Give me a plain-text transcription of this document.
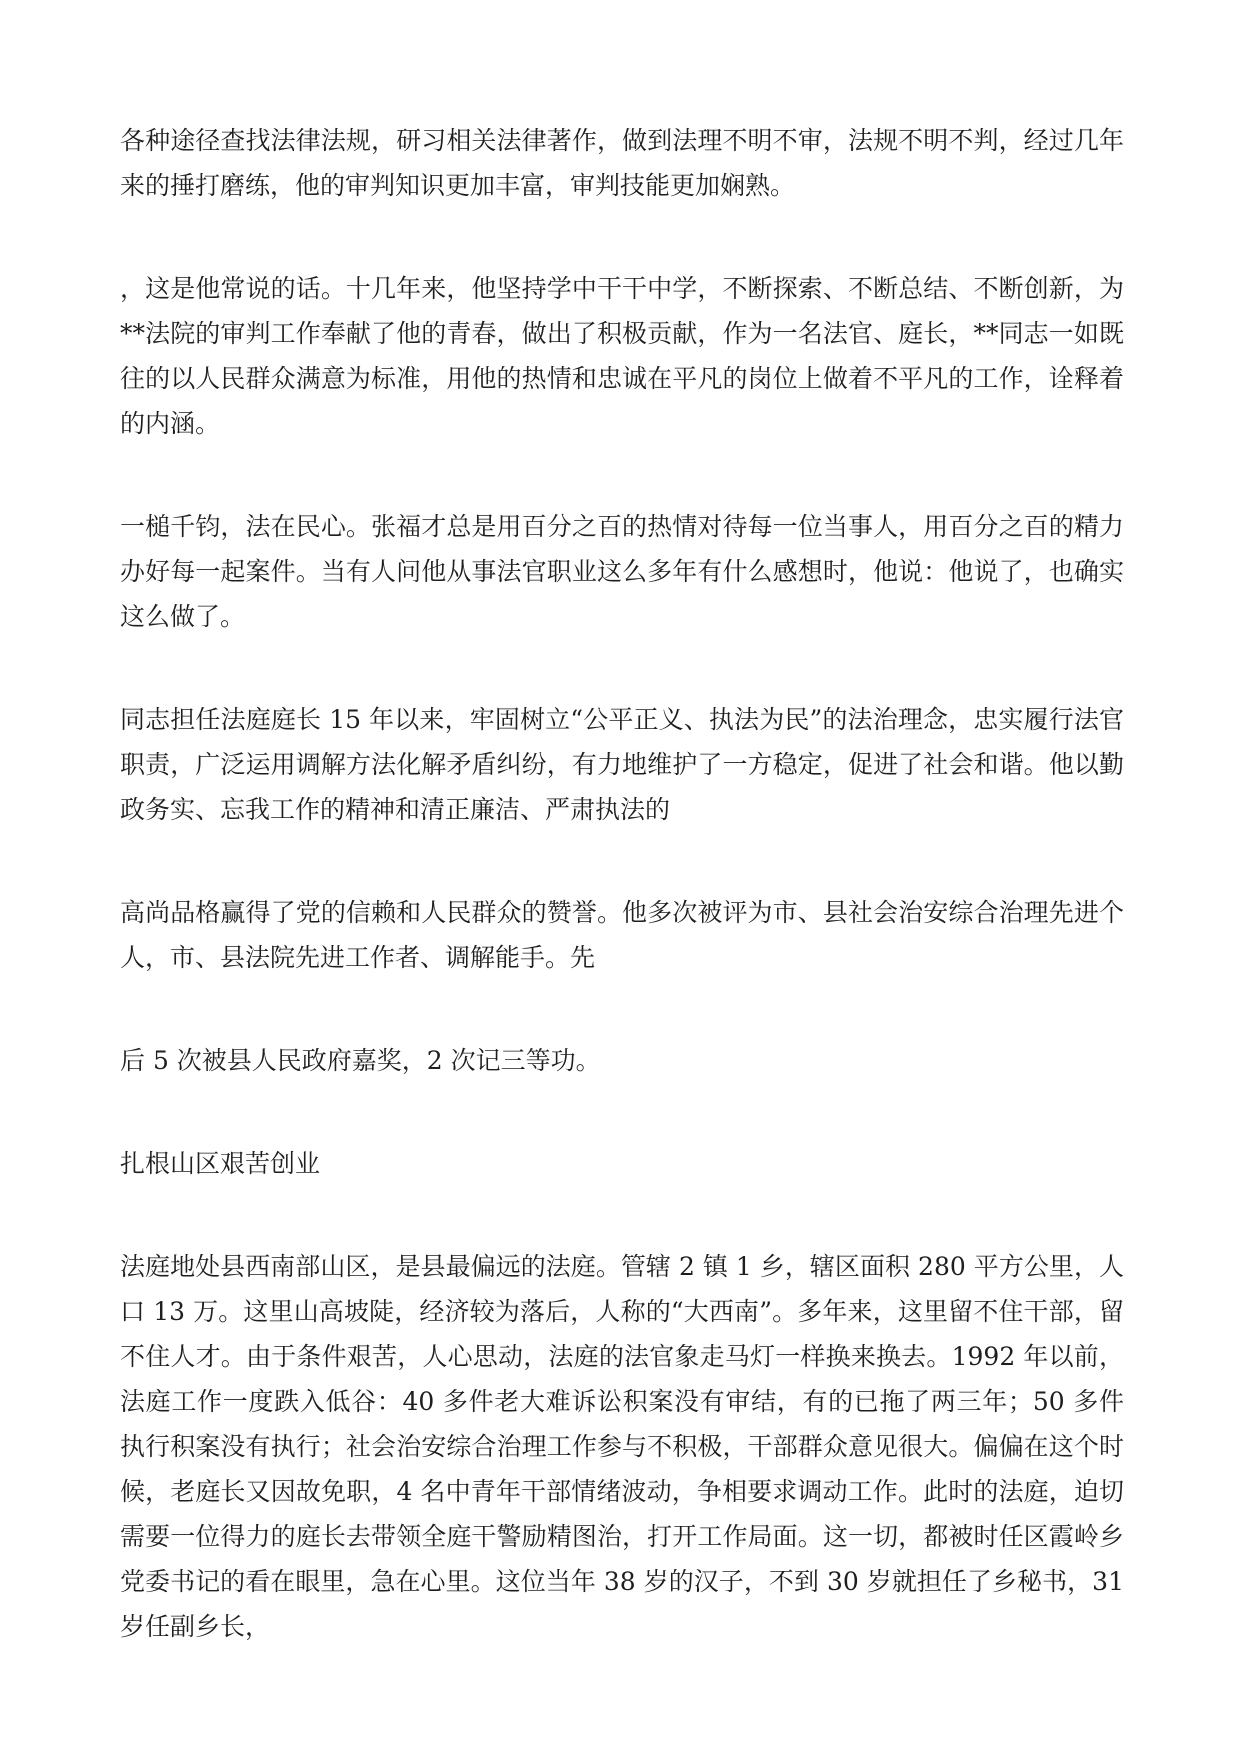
各种途径查找法律法规，研习相关法律著作，做到法理不明不审，法规不明不判，经过几年来的捶打磨练，他的审判知识更加丰富，审判技能更加娴熟。

，这是他常说的话。十几年来，他坚持学中干干中学，不断探索、不断总结、不断创新，为**法院的审判工作奉献了他的青春，做出了积极贡献，作为一名法官、庭长，**同志一如既往的以人民群众满意为标准，用他的热情和忠诚在平凡的岗位上做着不平凡的工作，诠释着的内涵。

一槌千钧，法在民心。张福才总是用百分之百的热情对待每一位当事人，用百分之百的精力办好每一起案件。当有人问他从事法官职业这么多年有什么感想时，他说：他说了，也确实这么做了。

同志担任法庭庭长 15 年以来，牢固树立“公平正义、执法为民”的法治理念，忠实履行法官职责，广泛运用调解方法化解矛盾纠纷，有力地维护了一方稳定，促进了社会和谐。他以勤政务实、忘我工作的精神和清正廉洁、严肃执法的

高尚品格赢得了党的信赖和人民群众的赞誉。他多次被评为市、县社会治安综合治理先进个人，市、县法院先进工作者、调解能手。先

后 5 次被县人民政府嘉奖，2 次记三等功。

扎根山区艰苦创业

法庭地处县西南部山区，是县最偏远的法庭。管辖 2 镇 1 乡，辖区面积 280 平方公里，人口 13 万。这里山高坡陡，经济较为落后，人称的“大西南”。多年来，这里留不住干部，留不住人才。由于条件艰苦，人心思动，法庭的法官象走马灯一样换来换去。1992 年以前，法庭工作一度跌入低谷：40 多件老大难诉讼积案没有审结，有的已拖了两三年；50 多件执行积案没有执行；社会治安综合治理工作参与不积极，干部群众意见很大。偏偏在这个时候，老庭长又因故免职，4 名中青年干部情绪波动，争相要求调动工作。此时的法庭，迫切需要一位得力的庭长去带领全庭干警励精图治，打开工作局面。这一切，都被时任区霞岭乡党委书记的看在眼里，急在心里。这位当年 38 岁的汉子，不到 30 岁就担任了乡秘书，31 岁任副乡长，
